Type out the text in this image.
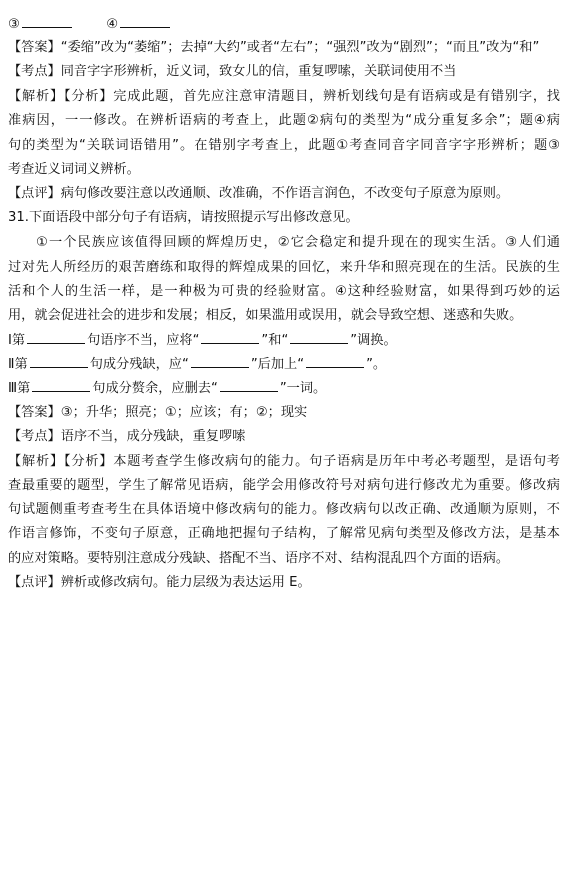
③	④
【答案】“委缩”改为“萎缩”；去掉“大约”或者“左右”；“强烈”改为“剧烈”；“而且”改为“和”
【考点】同音字字形辨析，近义词，致女儿的信，重复啰嗦，关联词使用不当
【解析】【分析】完成此题，首先应注意审清题目，辨析划线句是有语病或是有错别字，找
准病因，一一修改。在辨析语病的考查上，此题②病句的类型为“成分重复多余”；题④病
句的类型为“关联词语错用”。在错别字考查上，此题①考查同音字同音字字形辨析；题③
考查近义词词义辨析。
【点评】病句修改要注意以改通顺、改准确，不作语言润色，不改变句子原意为原则。
31.下面语段中部分句子有语病，请按照提示写出修改意见。
①一个民族应该值得回顾的辉煌历史，②它会稳定和提升现在的现实生活。③人们通
过对先人所经历的艰苦磨练和取得的辉煌成果的回忆，来升华和照亮现在的生活。民族的生
活和个人的生活一样，是一种极为可贵的经验财富。④这种经验财富，如果得到巧妙的运
用，就会促进社会的进步和发展；相反，如果滥用或误用，就会导致空想、迷惑和失败。
Ⅰ第	句语序不当，应将“	”和“	”调换。
Ⅱ第	句成分残缺，应“	”后加上“	”。
Ⅲ第	句成分赘余，应删去“	”一词。
【答案】③；升华；照亮；①；应该；有；②；现实
【考点】语序不当，成分残缺，重复啰嗦
【解析】【分析】本题考查学生修改病句的能力。句子语病是历年中考必考题型，是语句考
查最重要的题型，学生了解常见语病，能学会用修改符号对病句进行修改尤为重要。修改病
句试题侧重考查考生在具体语境中修改病句的能力。修改病句以改正确、改通顺为原则，不
作语言修饰，不变句子原意，正确地把握句子结构，了解常见病句类型及修改方法，是基本
的应对策略。要特别注意成分残缺、搭配不当、语序不对、结构混乱四个方面的语病。
【点评】辨析或修改病句。能力层级为表达运用 E。
